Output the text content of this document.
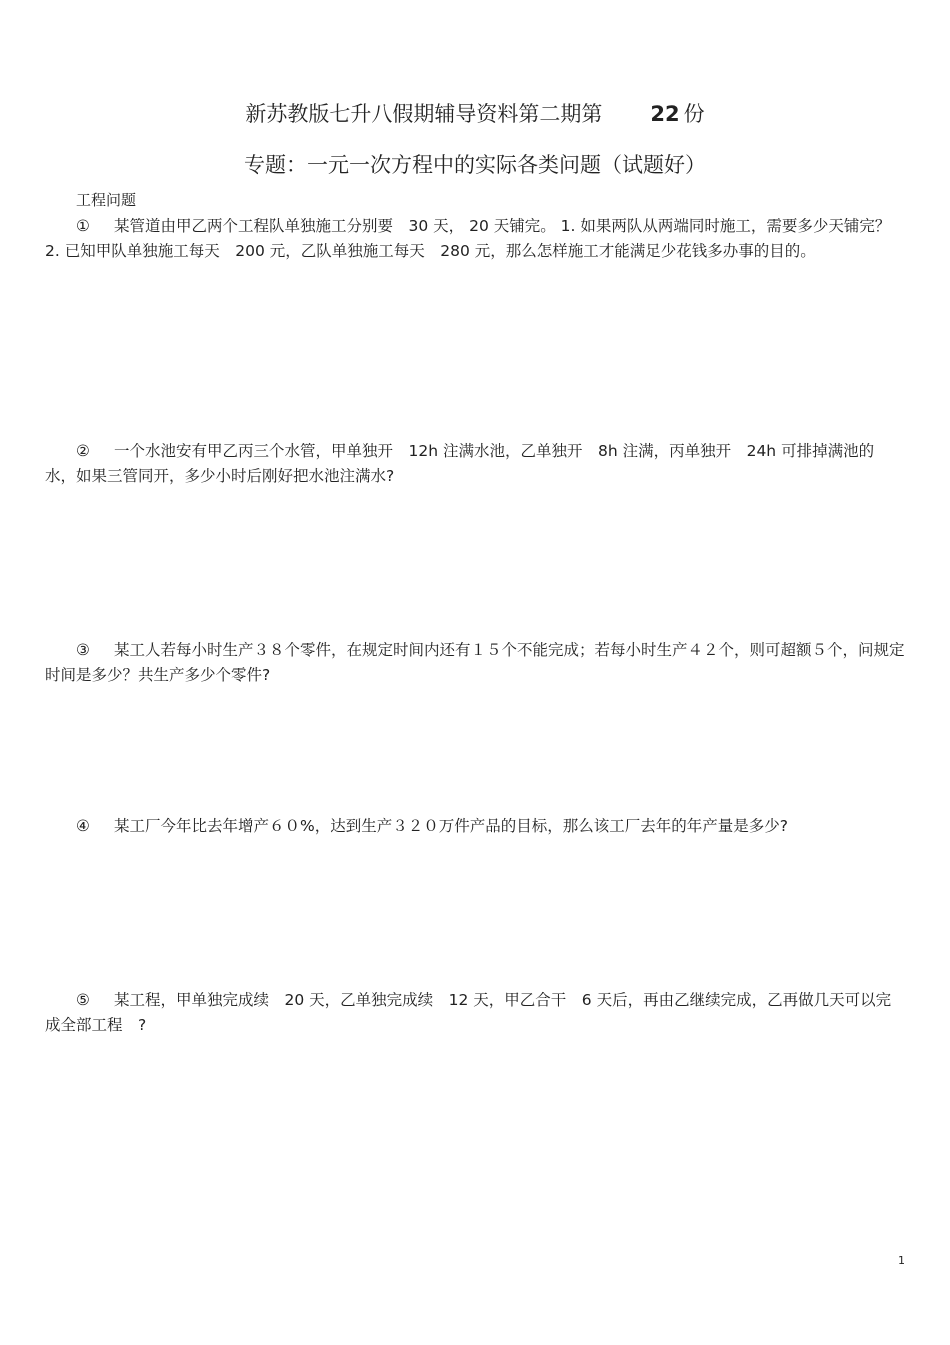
新苏教版七升八假期辅导资料第二期第 22 份
专题：一元一次方程中的实际各类问题（试题好）
工程问题
① 某管道由甲乙两个工程队单独施工分别要　30 天， 20 天铺完。 1. 如果两队从两端同时施工，需要多少天铺完？　2. 已知甲队单独施工每天　200 元，乙队单独施工每天　280 元，那么怎样施工才能满足少花钱多办事的目的。
② 一个水池安有甲乙丙三个水管，甲单独开　12h 注满水池，乙单独开　8h 注满，丙单独开　24h 可排掉满池的水，如果三管同开，多少小时后刚好把水池注满水?
③ 某工人若每小时生产３８个零件，在规定时间内还有１５个不能完成；若每小时生产４２个，则可超额５个，问规定时间是多少？共生产多少个零件?
④ 某工厂今年比去年增产６０%，达到生产３２０万件产品的目标，那么该工厂去年的年产量是多少?
⑤ 某工程，甲单独完成续　20 天，乙单独完成续　12 天，甲乙合干　6 天后，再由乙继续完成，乙再做几天可以完成全部工程　?
1
